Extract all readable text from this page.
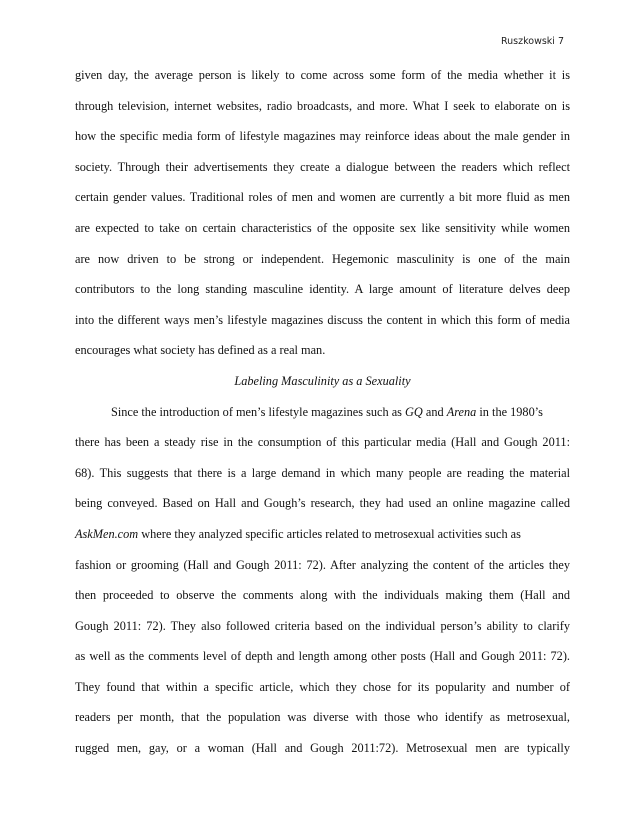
Ruszkowski 7
given day, the average person is likely to come across some form of the media whether it is
through television, internet websites, radio broadcasts, and more. What I seek to elaborate on is
how the specific media form of lifestyle magazines may reinforce ideas about the male gender in
society. Through their advertisements they create a dialogue between the readers which reflect
certain gender values. Traditional roles of men and women are currently a bit more fluid as men
are expected to take on certain characteristics of the opposite sex like sensitivity while women
are now driven to be strong or independent. Hegemonic masculinity is one of the main
contributors to the long standing masculine identity. A large amount of literature delves deep
into the different ways men’s lifestyle magazines discuss the content in which this form of media
encourages what society has defined as a real man.
Labeling Masculinity as a Sexuality
Since the introduction of men’s lifestyle magazines such as GQ and Arena in the 1980’s
there has been a steady rise in the consumption of this particular media (Hall and Gough 2011:
68). This suggests that there is a large demand in which many people are reading the material
being conveyed. Based on Hall and Gough’s research, they had used an online magazine called
AskMen.com where they analyzed specific articles related to metrosexual activities such as
fashion or grooming (Hall and Gough 2011: 72). After analyzing the content of the articles they
then proceeded to observe the comments along with the individuals making them (Hall and
Gough 2011: 72). They also followed criteria based on the individual person’s ability to clarify
as well as the comments level of depth and length among other posts (Hall and Gough 2011: 72).
They found that within a specific article, which they chose for its popularity and number of
readers per month, that the population was diverse with those who identify as metrosexual,
rugged men, gay, or a woman (Hall and Gough 2011:72). Metrosexual men are typically
